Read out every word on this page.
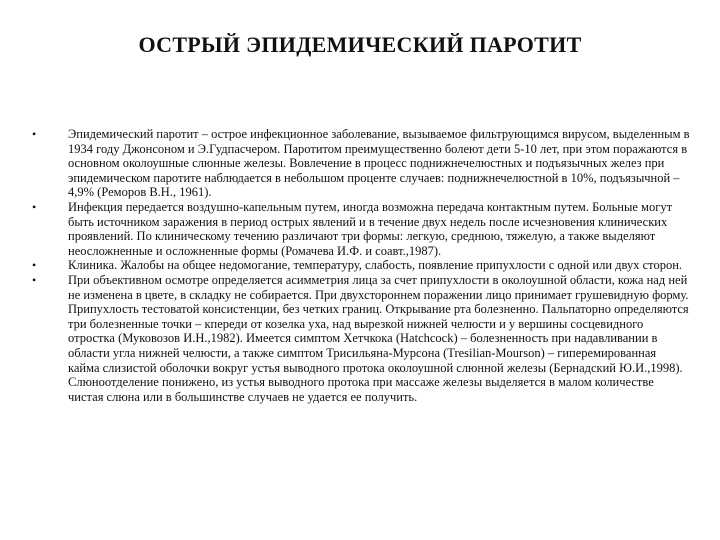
ОСТРЫЙ ЭПИДЕМИЧЕСКИЙ ПАРОТИТ
•	Эпидемический паротит – острое инфекционное заболевание, вызываемое фильтрующимся вирусом, выделенным в 1934 году Джонсоном и Э.Гудпасчером. Паротитом преимущественно болеют дети 5-10 лет, при этом поражаются в основном околоушные слюнные железы. Вовлечение в процесс поднижнечелюстных и подъязычных желез при эпидемическом паротите наблюдается в небольшом проценте случаев: поднижнечелюстной в 10%, подъязычной – 4,9% (Реморов В.Н., 1961).
•	Инфекция передается воздушно-капельным путем, иногда возможна передача контактным путем. Больные могут быть источником заражения в период острых явлений и в течение двух недель после исчезновения клинических проявлений. По клиническому течению различают три формы: легкую, среднюю, тяжелую, а также выделяют неосложненные и осложненные формы (Ромачева И.Ф. и соавт.,1987).
•	Клиника. Жалобы на общее недомогание, температуру, слабость, появление припухлости с одной или двух сторон.
•	При объективном осмотре определяется асимметрия лица за счет припухлости в околоушной области, кожа над ней не изменена в цвете, в складку не собирается. При двухстороннем поражении лицо принимает грушевидную форму. Припухлость тестоватой консистенции, без четких границ. Открывание рта болезненно. Пальпаторно определяются три болезненные точки – кпереди от козелка уха, над вырезкой нижней челюсти и у вершины сосцевидного отростка (Муковозов И.Н.,1982). Имеется симптом Хетчкока (Hatchcock) – болезненность при надавливании в области угла нижней челюсти, а также симптом Трисильяна-Мурсона (Tresilian-Mourson) – гиперемированная кайма слизистой оболочки вокруг устья выводного протока околоушной слюнной железы (Бернадский Ю.И.,1998). Слюноотделение понижено, из устья выводного протока при массаже железы выделяется в малом количестве чистая слюна или в большинстве случаев не удается ее получить.
